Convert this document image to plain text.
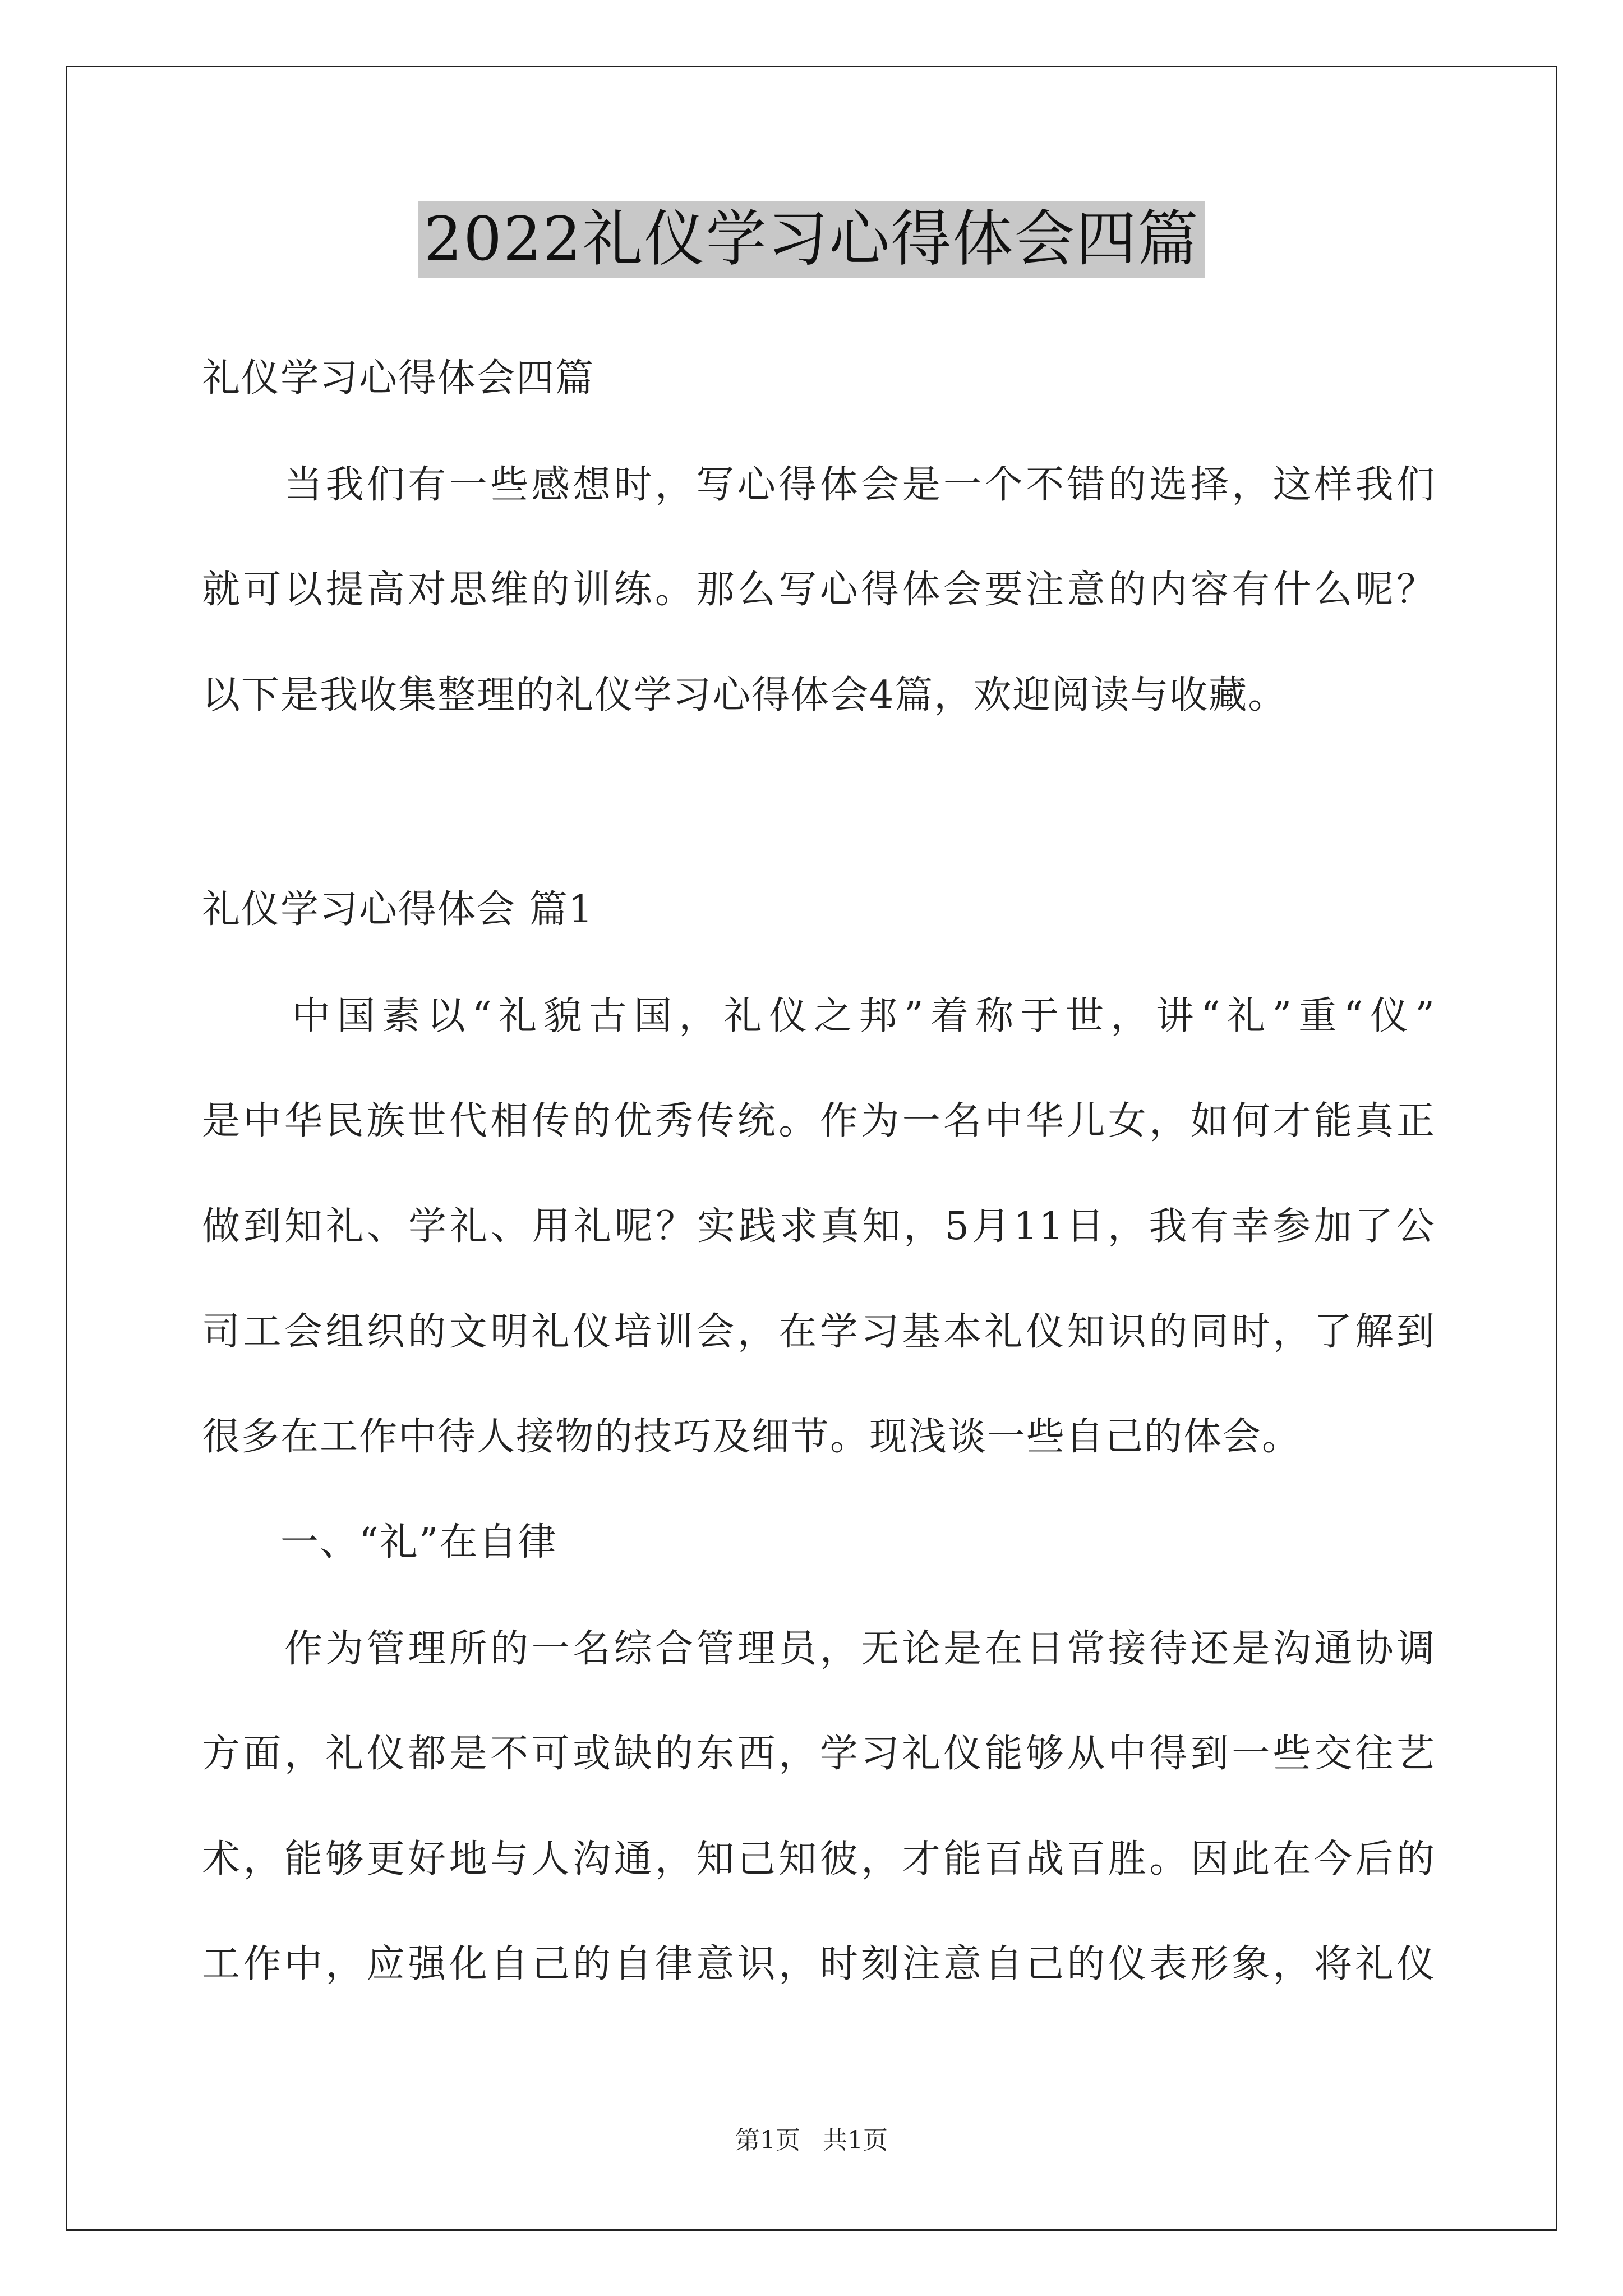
2022礼仪学习心得体会四篇
礼仪学习心得体会四篇
　　当我们有一些感想时，写心得体会是一个不错的选择，这样我们
就可以提高对思维的训练。那么写心得体会要注意的内容有什么呢？
以下是我收集整理的礼仪学习心得体会4篇，欢迎阅读与收藏。
礼仪学习心得体会 篇1
　　中国素以“礼貌古国，礼仪之邦”着称于世，讲“礼”重“仪”
是中华民族世代相传的优秀传统。作为一名中华儿女，如何才能真正
做到知礼、学礼、用礼呢？实践求真知，5月11日，我有幸参加了公
司工会组织的文明礼仪培训会，在学习基本礼仪知识的同时，了解到
很多在工作中待人接物的技巧及细节。现浅谈一些自己的体会。
　　一、“礼”在自律
　　作为管理所的一名综合管理员，无论是在日常接待还是沟通协调
方面，礼仪都是不可或缺的东西，学习礼仪能够从中得到一些交往艺
术，能够更好地与人沟通，知己知彼，才能百战百胜。因此在今后的
工作中，应强化自己的自律意识，时刻注意自己的仪表形象，将礼仪
第1页 共1页
